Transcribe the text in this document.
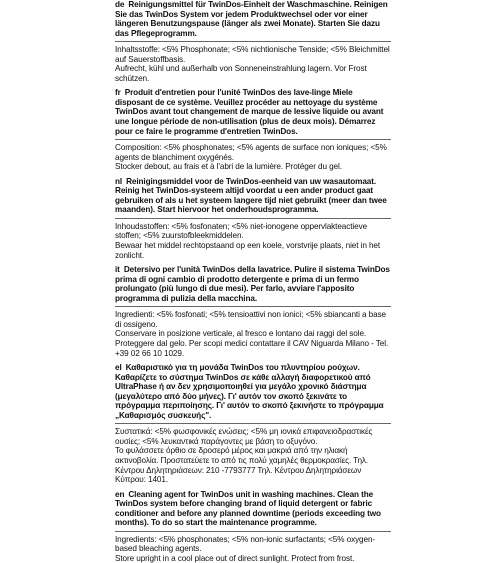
de Reinigungsmittel für TwinDos-Einheit der Waschmaschine. Reinigen Sie das TwinDos System vor jedem Produktwechsel oder vor einer längeren Benutzungspause (länger als zwei Monate). Starten Sie dazu das Pflegeprogramm.

Inhaltsstoffe: <5% Phosphonate; <5% nichtionische Tenside; <5% Bleichmittel auf Sauerstoffbasis.

Aufrecht, kühl und außerhalb von Sonneneinstrahlung lagern. Vor Frost schützen.

fr Produit d'entretien pour l'unité TwinDos des lave-linge Miele disposant de ce système. Veuillez procéder au nettoyage du système TwinDos avant tout changement de marque de lessive liquide ou avant une longue période de non-utilisation (plus de deux mois). Démarrez pour ce faire le programme d'entretien TwinDos.

Composition: <5% phosphonates; <5% agents de surface non ioniques; <5% agents de blanchiment oxygénés.

Stocker debout, au frais et à l'abri de la lumière. Protéger du gel.

nl Reinigingsmiddel voor de TwinDos-eenheid van uw wasautomaat. Reinig het TwinDos-systeem altijd voordat u een ander product gaat gebruiken of als u het systeem langere tijd niet gebruikt (meer dan twee maanden). Start hiervoor het onderhoudsprogramma.

Inhoudsstoffen: <5% fosfonaten; <5% niet-ionogene oppervlakteactieve stoffen; <5% zuurstofbleekmiddelen.

Bewaar het middel rechtopstaand op een koele, vorstvrije plaats, niet in het zonlicht.

it Detersivo per l'unità TwinDos della lavatrice. Pulire il sistema TwinDos prima di ogni cambio di prodotto detergente e prima di un fermo prolungato (più lungo di due mesi). Per farlo, avviare l'apposito programma di pulizia della macchina.

Ingredienti: <5% fosfonati; <5% tensioattivi non ionici; <5% sbiancanti a base di ossigeno.

Conservare in posizione verticale, al fresco e lontano dai raggi del sole. Proteggere dal gelo. Per scopi medici contattare il CAV Niguarda Milano - Tel. +39 02 66 10 1029.

el Καθαριστικό για τη μονάδα TwinDos του πλυντηρίου ρούχων. Καθαρίζετε το σύστημα TwinDos σε κάθε αλλαγή διαφορετικού από UltraPhase ή αν δεν χρησιμοποιηθεί για μεγάλο χρονικό διάστημα (μεγαλύτερο από δύο μήνες). Γι' αυτόν τον σκοπό ξεκινάτε το πρόγραμμα περιποίησης. Γι' αυτόν το σκοπό ξεκινήστε το πρόγραμμα „Καθαρισμός συσκευής".

Συστατικά: <5% φωσφονικές ενώσεις; <5% μη ιονικά επιφανειοδραστικές ουσίες; <5% λευκαντικά παράγοντες με βάση το οξυγόνο.

Το φυλάσσετε όρθιο σε δροσερό μέρος και μακριά από την ηλιακή ακτινοβολία. Προστατεύετε το από τις πολύ χαμηλές θερμοκρασίες. Τηλ. Κέντρου Δηλητηριάσεων: 210 -7793777 Τηλ. Κέντρου Δηλητηριάσεων Κύπρου: 1401.

en Cleaning agent for TwinDos unit in washing machines. Clean the TwinDos system before changing brand of liquid detergent or fabric conditioner and before any planned downtime (periods exceeding two months). To do so start the maintenance programme.

Ingredients: <5% phosphonates; <5% non-ionic surfactants; <5% oxygen-based bleaching agents.

Store upright in a cool place out of direct sunlight. Protect from frost.
